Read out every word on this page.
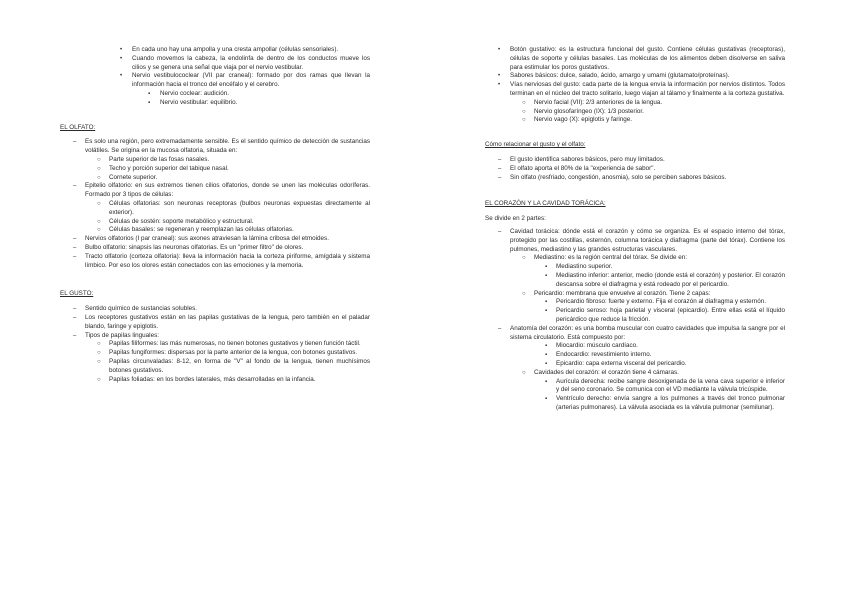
• En cada uno hay una ampolla y una cresta ampollar (células sensoriales).
• Cuando movemos la cabeza, la endolinfa de dentro de los conductos mueve los cilios y se genera una señal que viaja por el nervio vestibular.
• Nervio vestibulococlear (VII par craneal): formado por dos ramas que llevan la información hacia el tronco del encéfalo y el cerebro.
▪ Nervio coclear: audición.
▪ Nervio vestibular: equilibrio.
EL OLFATO:
– Es solo una región, pero extremadamente sensible. Es el sentido químico de detección de sustancias volátiles. Se origina en la mucosa olfatoria, situada en:
○ Parte superior de las fosas nasales.
○ Techo y porción superior del tabique nasal.
○ Cornete superior.
– Epitelio olfatorio: en sus extremos tienen cilios olfatorios, donde se unen las moléculas odoríferas. Formado por 3 tipos de células:
○ Células olfatorias: son neuronas receptoras (bulbos neuronas expuestas directamente al exterior).
○ Células de sostén: soporte metabólico y estructural.
○ Células basales: se regeneran y reemplazan las células olfatorias.
– Nervios olfatorios (I par craneal): sus axones atraviesan la lámina cribosa del etmoides.
– Bulbo olfatorio: sinapsis las neuronas olfatorias. Es un "primer filtro" de olores.
– Tracto olfatorio (corteza olfatoria): lleva la información hacia la corteza piriforme, amígdala y sistema límbico. Por eso los olores están conectados con las emociones y la memoria.
EL GUSTO:
– Sentido químico de sustancias solubles.
– Los receptores gustativos están en las papilas gustativas de la lengua, pero también en el paladar blando, faringe y epiglotis.
– Tipos de papilas linguales:
○ Papilas filiformes: las más numerosas, no tienen botones gustativos y tienen función táctil.
○ Papilas fungiformes: dispersas por la parte anterior de la lengua, con botones gustativos.
○ Papilas circunvaladas: 8-12, en forma de "V" al fondo de la lengua, tienen muchísimos botones gustativos.
○ Papilas foliadas: en los bordes laterales, más desarrolladas en la infancia.
• Botón gustativo: es la estructura funcional del gusto. Contiene células gustativas (receptoras), células de soporte y células basales. Las moléculas de los alimentos deben disolverse en saliva para estimular los poros gustativos.
• Sabores básicos: dulce, salado, ácido, amargo y umami (glutamato/proteínas).
• Vías nerviosas del gusto: cada parte de la lengua envía la información por nervios distintos. Todos terminan en el núcleo del tracto solitario, luego viajan al tálamo y finalmente a la corteza gustativa.
○ Nervio facial (VII): 2/3 anteriores de la lengua.
○ Nervio glosofaríngeo (IX): 1/3 posterior.
○ Nervio vago (X): epiglotis y faringe.
Cómo relacionar el gusto y el olfato:
– El gusto identifica sabores básicos, pero muy limitados.
– El olfato aporta el 80% de la "experiencia de sabor".
– Sin olfato (resfriado, congestión, anosmia), solo se perciben sabores básicos.
EL CORAZÓN Y LA CAVIDAD TORÁCICA:
Se divide en 2 partes:
– Cavidad torácica: dónde está el corazón y cómo se organiza. Es el espacio interno del tórax, protegido por las costillas, esternón, columna torácica y diafragma (parte del tórax). Contiene los pulmones, mediastino y las grandes estructuras vasculares.
○ Mediastino: es la región central del tórax. Se divide en:
▪ Mediastino superior.
▪ Mediastino inferior: anterior, medio (donde está el corazón) y posterior. El corazón descansa sobre el diafragma y está rodeado por el pericardio.
○ Pericardio: membrana que envuelve al corazón. Tiene 2 capas:
▪ Pericardio fibroso: fuerte y externo. Fija el corazón al diafragma y esternón.
▪ Pericardio seroso: hoja parietal y visceral (epicardio). Entre ellas está el líquido pericárdico que reduce la fricción.
– Anatomía del corazón: es una bomba muscular con cuatro cavidades que impulsa la sangre por el sistema circulatorio. Está compuesto por:
▪ Miocardio: músculo cardíaco.
▪ Endocardio: revestimiento interno.
▪ Epicardio: capa externa visceral del pericardio.
○ Cavidades del corazón: el corazón tiene 4 cámaras.
▪ Aurícula derecha: recibe sangre desoxigenada de la vena cava superior e inferior y del seno coronario. Se comunica con el VD mediante la válvula tricúspide.
▪ Ventrículo derecho: envía sangre a los pulmones a través del tronco pulmonar (arterias pulmonares). La válvula asociada es la válvula pulmonar (semilunar).
